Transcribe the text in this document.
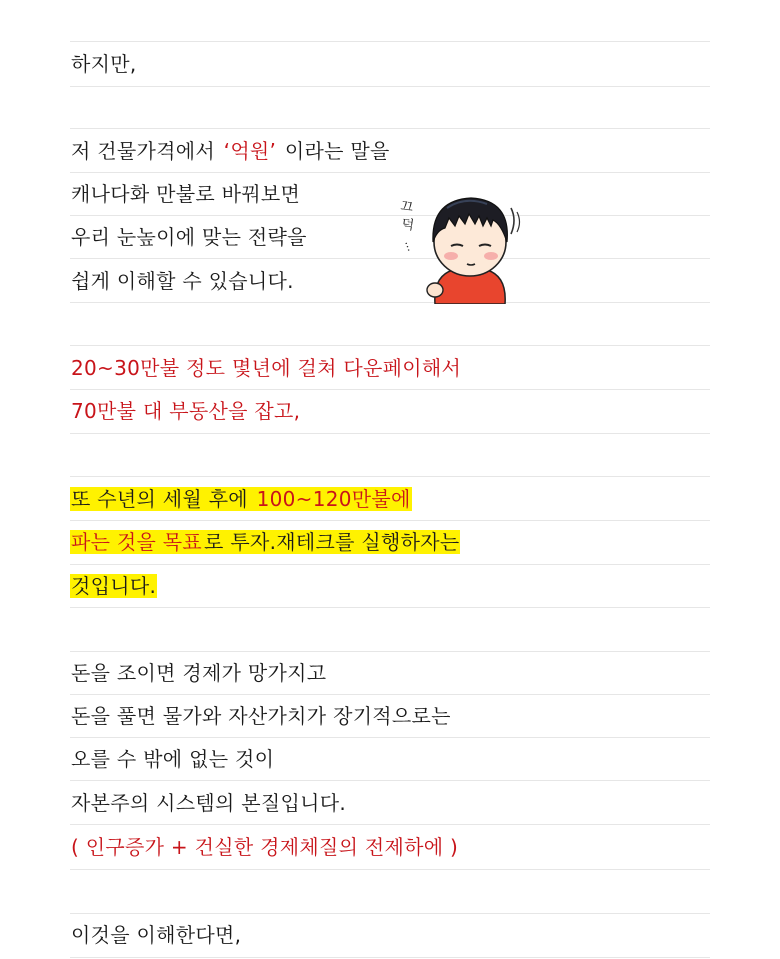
하지만,
저 건물가격에서 ‘억원’ 이라는 말을
캐나다화 만불로 바꿔보면
우리 눈높이에 맞는 전략을
쉽게 이해할 수 있습니다.
20~30만불 정도 몇년에 걸쳐 다운페이해서
70만불 대 부동산을 잡고,
또 수년의 세월 후에 100~120만불에
파는 것을 목표 로 투자.재테크를 실행하자는
것입니다.
돈을 조이면 경제가 망가지고
돈을 풀면 물가와 자산가치가 장기적으로는
오를 수 밖에 없는 것이
자본주의 시스템의 본질입니다.
( 인구증가 + 건실한 경제체질의 전제하에 )
이것을 이해한다면,
끄
덕
...
